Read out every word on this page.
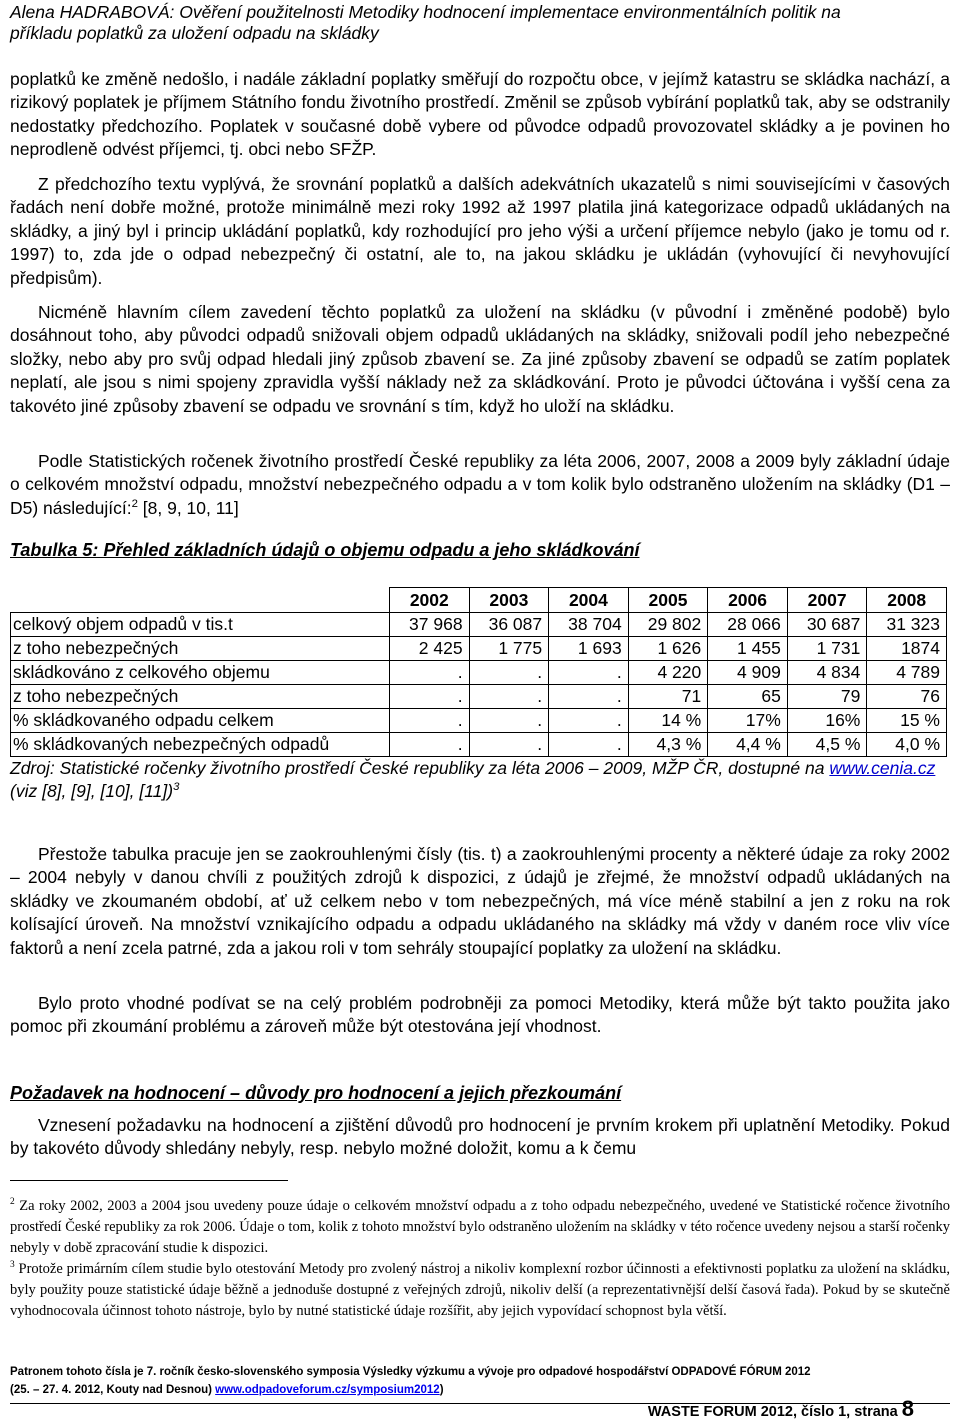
Alena HADRABOVÁ: Ověření použitelnosti Metodiky hodnocení implementace environmentálních politik na
příkladu poplatků za uložení odpadu na skládky
poplatků ke změně nedošlo, i nadále základní poplatky směřují do rozpočtu obce, v jejímž katastru se skládka nachází, a rizikový poplatek je příjmem Státního fondu životního prostředí. Změnil se způsob vybírání poplatků tak, aby se odstranily nedostatky předchozího. Poplatek v současné době vybere od původce odpadů provozovatel skládky a je povinen ho neprodleně odvést příjemci, tj. obci nebo SFŽP.
Z předchozího textu vyplývá, že srovnání poplatků a dalších adekvátních ukazatelů s nimi souvisejícími v časových řadách není dobře možné, protože minimálně mezi roky 1992 až 1997 platila jiná kategorizace odpadů ukládaných na skládky, a jiný byl i princip ukládání poplatků, kdy rozhodující pro jeho výši a určení příjemce nebylo (jako je tomu od r. 1997) to, zda jde o odpad nebezpečný či ostatní, ale to, na jakou skládku je ukládán (vyhovující či nevyhovující předpisům).
Nicméně hlavním cílem zavedení těchto poplatků za uložení na skládku (v původní i změněné podobě) bylo dosáhnout toho, aby původci odpadů snižovali objem odpadů ukládaných na skládky, snižovali podíl jeho nebezpečné složky, nebo aby pro svůj odpad hledali jiný způsob zbavení se. Za jiné způsoby zbavení se odpadů se zatím poplatek neplatí, ale jsou s nimi spojeny zpravidla vyšší náklady než za skládkování. Proto je původci účtována i vyšší cena za takovéto jiné způsoby zbavení se odpadu ve srovnání s tím, když ho uloží na skládku.
Podle Statistických ročenek životního prostředí České republiky za léta 2006, 2007, 2008 a 2009 byly základní údaje o celkovém množství odpadu, množství nebezpečného odpadu a v tom kolik bylo odstraněno uložením na skládky (D1 – D5) následující:$^2$ [8, 9, 10, 11]
Tabulka 5: Přehled základních údajů o objemu odpadu a jeho skládkování
	2002	2003	2004	2005	2006	2007	2008
celkový objem odpadů v tis.t	37 968	36 087	38 704	29 802	28 066	30 687	31 323
z toho nebezpečných	2 425	1 775	1 693	1 626	1 455	1 731	1874
skládkováno z celkového objemu	.	.	.	4 220	4 909	4 834	4 789
z toho nebezpečných	.	.	.	71	65	79	76
% skládkovaného odpadu celkem	.	.	.	14 %	17%	16%	15 %
% skládkovaných nebezpečných odpadů	.	.	.	4,3 %	4,4 %	4,5 %	4,0 %
Zdroj: Statistické ročenky životního prostředí České republiky za léta 2006 – 2009, MŽP ČR, dostupné na www.cenia.cz (viz [8], [9], [10], [11])$^3$
Přestože tabulka pracuje jen se zaokrouhlenými čísly (tis. t) a zaokrouhlenými procenty a některé údaje za roky 2002 – 2004 nebyly v danou chvíli z použitých zdrojů k dispozici, z údajů je zřejmé, že množství odpadů ukládaných na skládky ve zkoumaném období, ať už celkem nebo v tom nebezpečných, má více méně stabilní a jen z roku na rok kolísající úroveň. Na množství vznikajícího odpadu a odpadu ukládaného na skládky má vždy v daném roce vliv více faktorů a není zcela patrné, zda a jakou roli v tom sehrály stoupající poplatky za uložení na skládku.
Bylo proto vhodné podívat se na celý problém podrobněji za pomoci Metodiky, která může být takto použita jako pomoc při zkoumání problému a zároveň může být otestována její vhodnost.
Požadavek na hodnocení – důvody pro hodnocení a jejich přezkoumání
Vznesení požadavku na hodnocení a zjištění důvodů pro hodnocení je prvním krokem při uplatnění Metodiky. Pokud by takovéto důvody shledány nebyly, resp. nebylo možné doložit, komu a k čemu
$^2$ Za roky 2002, 2003 a 2004 jsou uvedeny pouze údaje o celkovém množství odpadu a z toho odpadu nebezpečného, uvedené ve Statistické ročence životního prostředí České republiky za rok 2006. Údaje o tom, kolik z tohoto množství bylo odstraněno uložením na skládky v této ročence uvedeny nejsou a starší ročenky nebyly v době zpracování studie k dispozici.
$^3$ Protože primárním cílem studie bylo otestování Metody pro zvolený nástroj a nikoliv komplexní rozbor účinnosti a efektivnosti poplatku za uložení na skládku, byly použity pouze statistické údaje běžně a jednoduše dostupné z veřejných zdrojů, nikoliv delší (a reprezentativnější delší časová řada). Pokud by se skutečně vyhodnocovala účinnost tohoto nástroje, bylo by nutné statistické údaje rozšířit, aby jejich vypovídací schopnost byla větší.
Patronem tohoto čísla je 7. ročník česko-slovenského symposia Výsledky výzkumu a vývoje pro odpadové hospodářství ODPADOVÉ FÓRUM 2012
(25. – 27. 4. 2012, Kouty nad Desnou) www.odpadoveforum.cz/symposium2012)
WASTE FORUM 2012, číslo 1, strana 8
